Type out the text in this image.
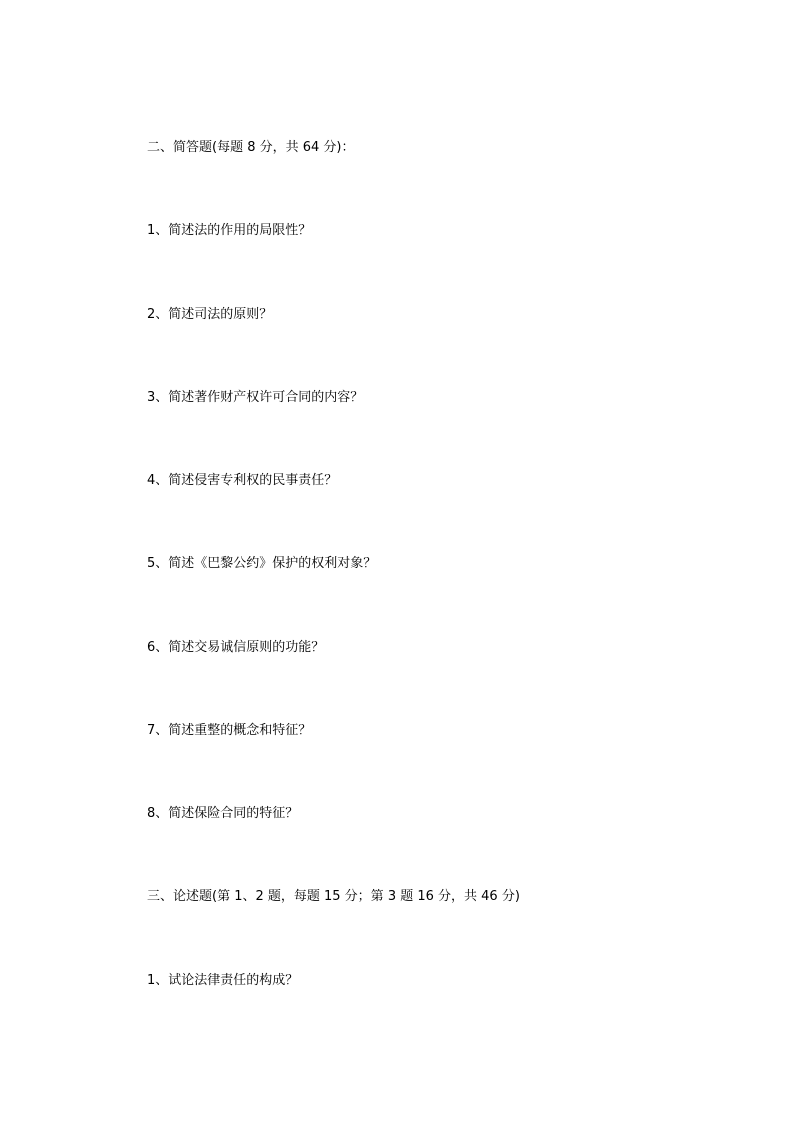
二、简答题(每题 8 分，共 64 分)：
1、简述法的作用的局限性？
2、简述司法的原则？
3、简述著作财产权许可合同的内容？
4、简述侵害专利权的民事责任？
5、简述《巴黎公约》保护的权利对象？
6、简述交易诚信原则的功能？
7、简述重整的概念和特征？
8、简述保险合同的特征？
三、论述题(第 1、2 题，每题 15 分；第 3 题 16 分，共 46 分)
1、试论法律责任的构成？
